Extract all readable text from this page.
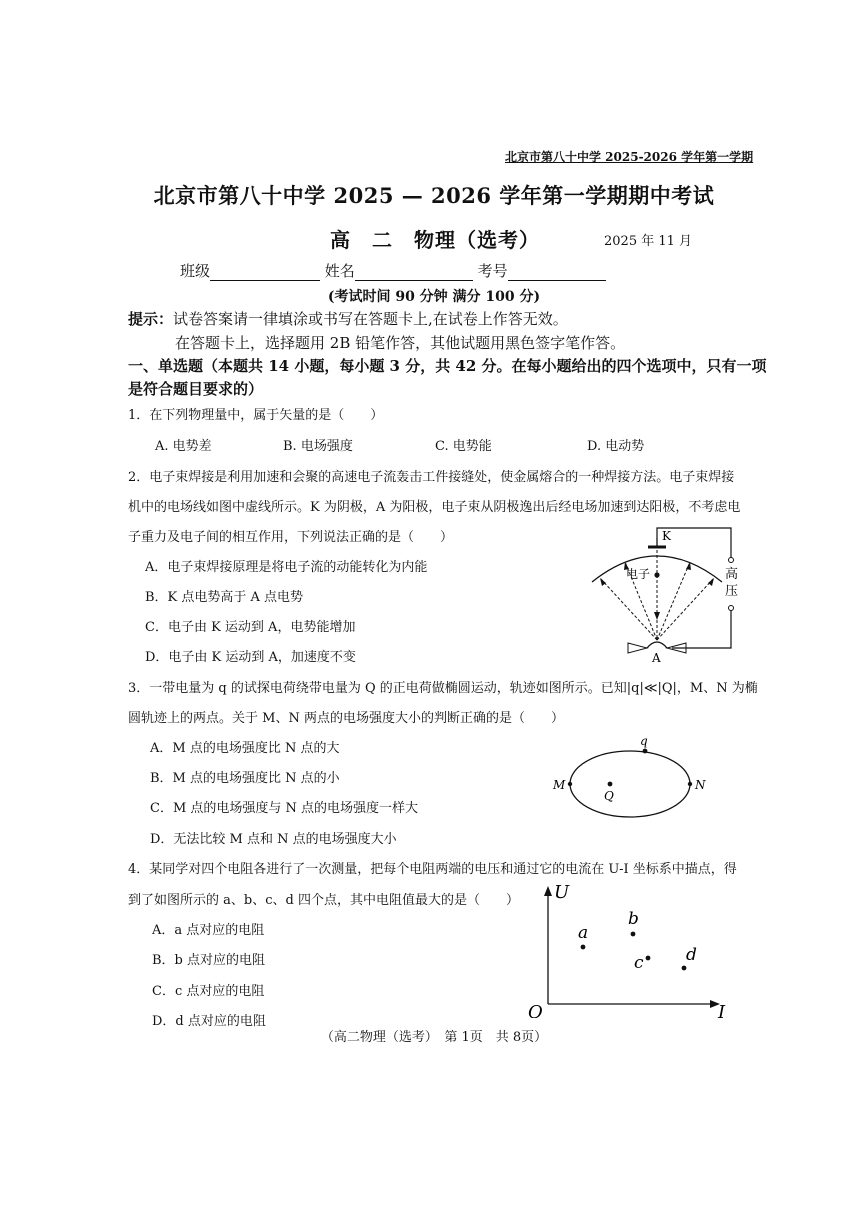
北京市第八十中学 2025-2026 学年第一学期
北京市第八十中学 2025 — 2026 学年第一学期期中考试
高　二　物理（选考）	2025 年 11 月
班级	姓名	考号
(考试时间 90 分钟 满分 100 分)
提示：试卷答案请一律填涂或书写在答题卡上,在试卷上作答无效。
在答题卡上，选择题用 2B 铅笔作答，其他试题用黑色签字笔作答。
一、单选题（本题共 14 小题，每小题 3 分，共 42 分。在每小题给出的四个选项中，只有一项
是符合题目要求的）
1．在下列物理量中，属于矢量的是（　　）
A. 电势差	B. 电场强度	C. 电势能	D. 电动势
2．电子束焊接是利用加速和会聚的高速电子流轰击工件接缝处，使金属熔合的一种焊接方法。电子束焊接
机中的电场线如图中虚线所示。K 为阴极，A 为阳极，电子束从阴极逸出后经电场加速到达阳极，不考虑电
子重力及电子间的相互作用，下列说法正确的是（　　）
A．电子束焊接原理是将电子流的动能转化为内能
B．K 点电势高于 A 点电势
C．电子由 K 运动到 A，电势能增加
D．电子由 K 运动到 A，加速度不变
K
高
压
电子
A
3．一带电量为 q 的试探电荷绕带电量为 Q 的正电荷做椭圆运动，轨迹如图所示。已知|q|≪|Q|，M、N 为椭
圆轨迹上的两点。关于 M、N 两点的电场强度大小的判断正确的是（　　）
A．M 点的电场强度比 N 点的大
B．M 点的电场强度比 N 点的小
C．M 点的电场强度与 N 点的电场强度一样大
D．无法比较 M 点和 N 点的电场强度大小
q
Q
M	N
4．某同学对四个电阻各进行了一次测量，把每个电阻两端的电压和通过它的电流在 U-I 坐标系中描点，得
到了如图所示的 a、b、c、d 四个点，其中电阻值最大的是（　　）
A．a 点对应的电阻
B．b 点对应的电阻
C．c 点对应的电阻
D．d 点对应的电阻
U
I
O
a
b
c d
（高二物理（选考）　第 1页　共 8页）
